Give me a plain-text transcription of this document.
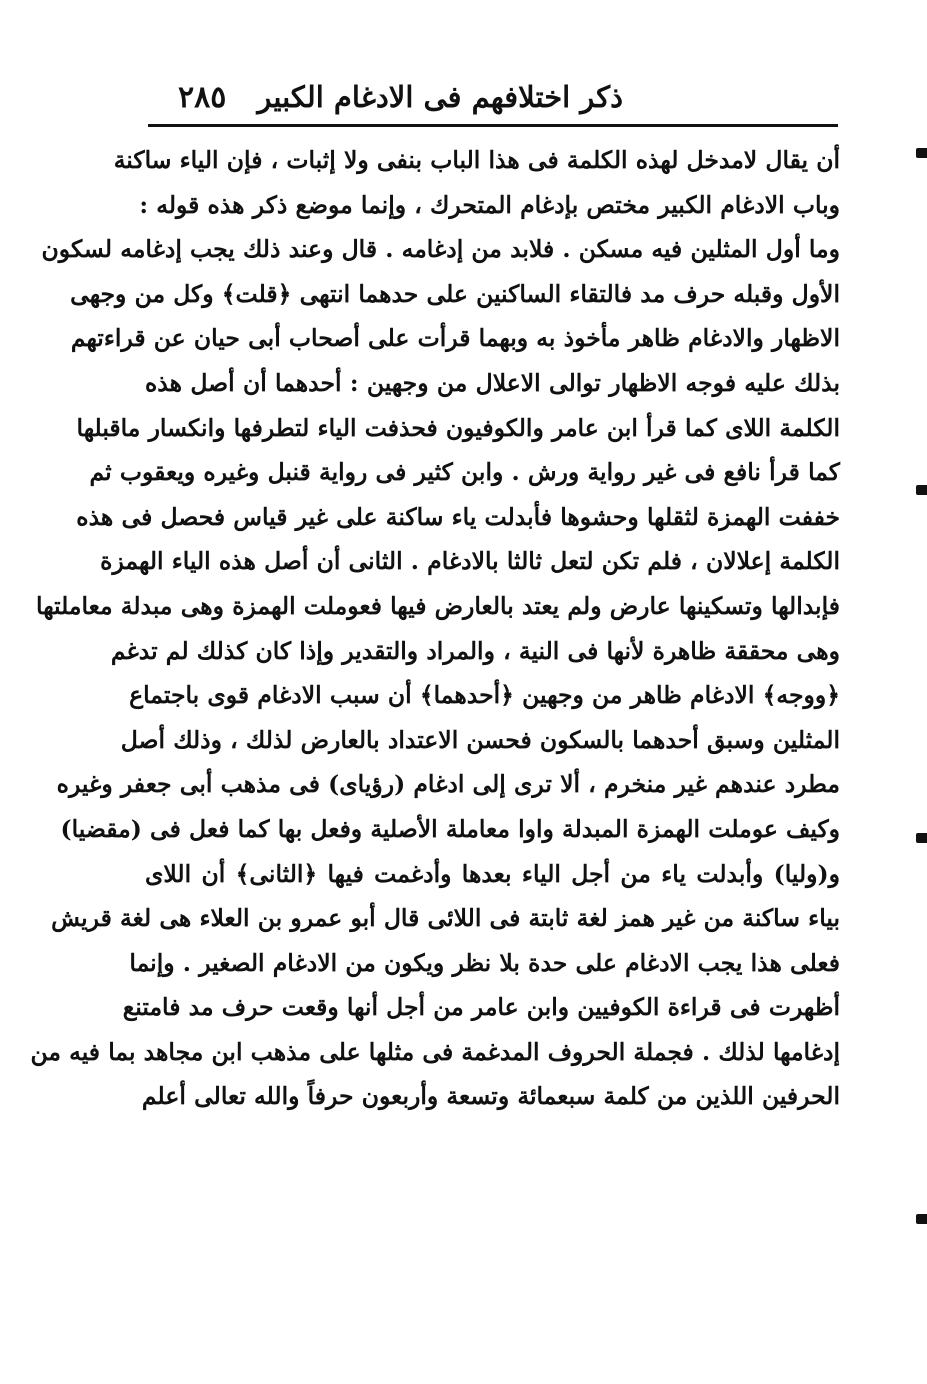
ذكر اختلافهم فى الادغام الكبير
٢٨٥
أن يقال لامدخل لهذه الكلمة فى هذا الباب بنفى ولا إثبات ، فإن الياء ساكنة
وباب الادغام الكبير مختص بإدغام المتحرك ، وإنما موضع ذكر هذه قوله :
وما أول المثلين فيه مسكن . فلابد من إدغامه . قال وعند ذلك يجب إدغامه لسكون
الأول وقبله حرف مد فالتقاء الساكنين على حدهما انتهى ﴿قلت﴾ وكل من وجهى
الاظهار والادغام ظاهر مأخوذ به وبهما قرأت على أصحاب أبى حيان عن قراءتهم
بذلك عليه فوجه الاظهار توالى الاعلال من وجهين : أحدهما أن أصل هذه
الكلمة اللاى كما قرأ ابن عامر والكوفيون فحذفت الياء لتطرفها وانكسار ماقبلها
كما قرأ نافع فى غير رواية ورش . وابن كثير فى رواية قنبل وغيره ويعقوب ثم
خففت الهمزة لثقلها وحشوها فأبدلت ياء ساكنة على غير قياس فحصل فى هذه
الكلمة إعلالان ، فلم تكن لتعل ثالثا بالادغام . الثانى أن أصل هذه الياء الهمزة
فإبدالها وتسكينها عارض ولم يعتد بالعارض فيها فعوملت الهمزة وهى مبدلة معاملتها
وهى محققة ظاهرة لأنها فى النية ، والمراد والتقدير وإذا كان كذلك لم تدغم
﴿ووجه﴾ الادغام ظاهر من وجهين ﴿أحدهما﴾ أن سبب الادغام قوى باجتماع
المثلين وسبق أحدهما بالسكون فحسن الاعتداد بالعارض لذلك ، وذلك أصل
مطرد عندهم غير منخرم ، ألا ترى إلى ادغام (رؤياى) فى مذهب أبى جعفر وغيره
وكيف عوملت الهمزة المبدلة واوا معاملة الأصلية وفعل بها كما فعل فى (مقضيا)
و(وليا) وأبدلت ياء من أجل الياء بعدها وأدغمت فيها ﴿الثانى﴾ أن اللاى
بياء ساكنة من غير همز لغة ثابتة فى اللائى قال أبو عمرو بن العلاء هى لغة قريش
فعلى هذا يجب الادغام على حدة بلا نظر ويكون من الادغام الصغير . وإنما
أظهرت فى قراءة الكوفيين وابن عامر من أجل أنها وقعت حرف مد فامتنع
إدغامها لذلك . فجملة الحروف المدغمة فى مثلها على مذهب ابن مجاهد بما فيه من
الحرفين اللذين من كلمة سبعمائة وتسعة وأربعون حرفاً والله تعالى أعلم
